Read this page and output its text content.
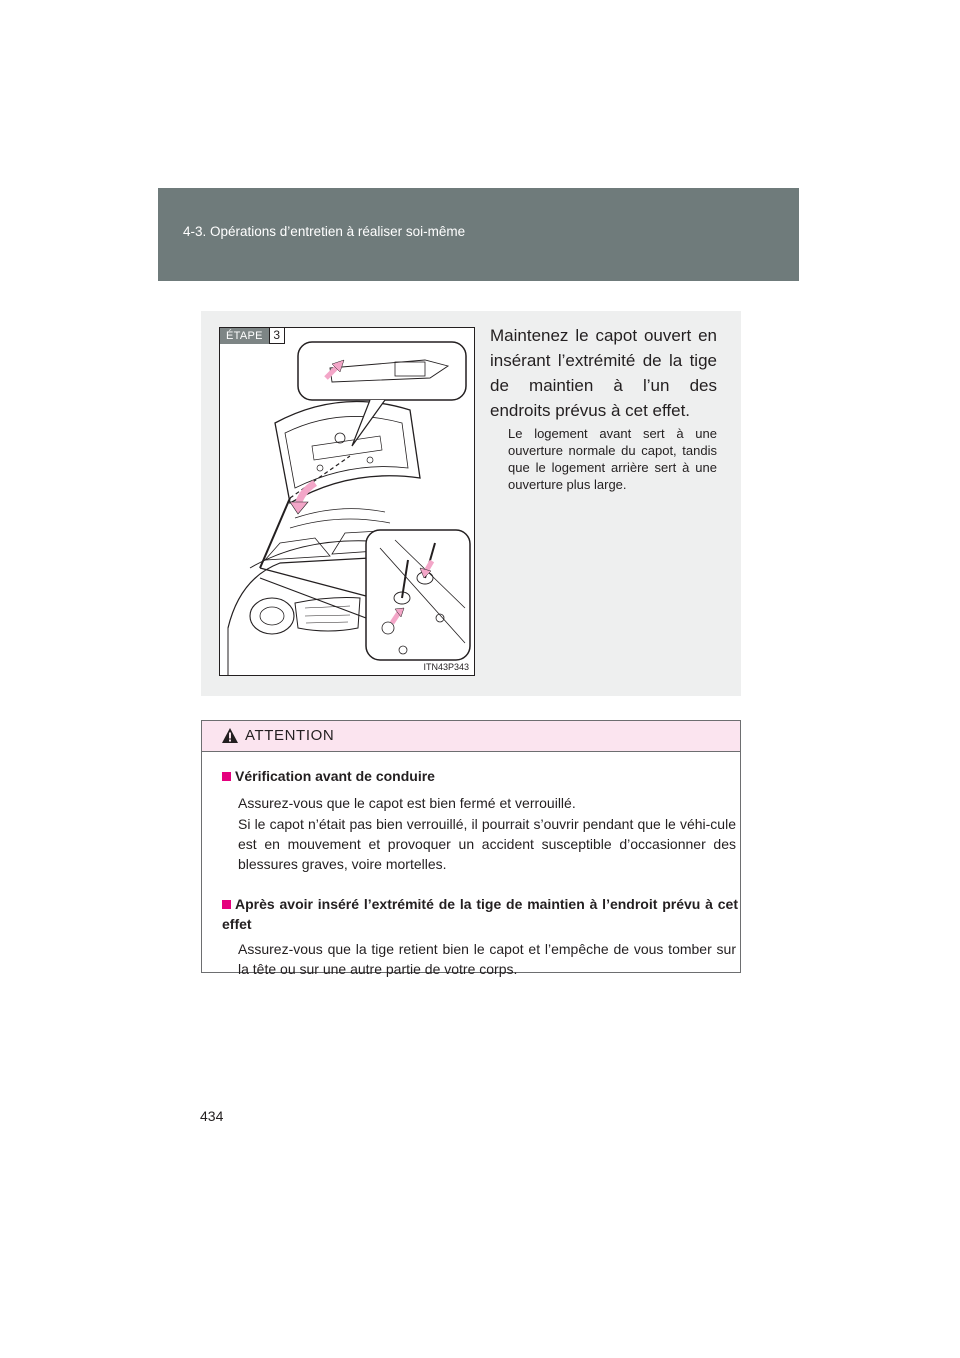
4-3. Opérations d’entretien à réaliser soi-même
ÉTAPE 3
ITN43P343
Maintenez le capot ouvert en insérant l’extrémité de la tige de maintien à l’un des endroits prévus à cet effet.
Le logement avant sert à une ouverture normale du capot, tandis que le logement arrière sert à une ouverture plus large.
ATTENTION
Vérification avant de conduire
Assurez-vous que le capot est bien fermé et verrouillé.
Si le capot n’était pas bien verrouillé, il pourrait s’ouvrir pendant que le véhi-cule est en mouvement et provoquer un accident susceptible d’occasionner des blessures graves, voire mortelles.
Après avoir inséré l’extrémité de la tige de maintien à l’endroit prévu à cet effet
Assurez-vous que la tige retient bien le capot et l’empêche de vous tomber sur la tête ou sur une autre partie de votre corps.
434
